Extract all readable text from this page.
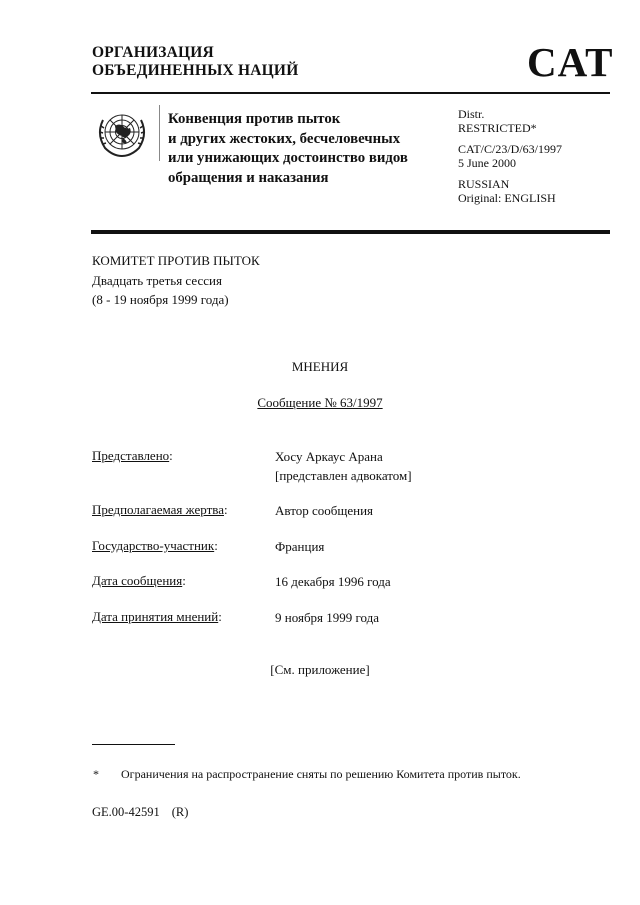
ОРГАНИЗАЦИЯ
ОБЪЕДИНЕННЫХ НАЦИЙ	CAT
Конвенция против пыток
и других жестоких, бесчеловечных
или унижающих достоинство видов
обращения и наказания
Distr.
RESTRICTED*
CAT/C/23/D/63/1997
5 June 2000
RUSSIAN
Original: ENGLISH
КОМИТЕТ ПРОТИВ ПЫТОК
Двадцать третья сессия
(8 - 19 ноября 1999 года)
МНЕНИЯ
Сообщение № 63/1997
Представлено:	Хосу Аркаус Арана
[представлен адвокатом]
Предполагаемая жертва:	Автор сообщения
Государство-участник:	Франция
Дата сообщения:	16 декабря 1996 года
Дата принятия мнений:	9 ноября 1999 года
[См. приложение]
* Ограничения на распространение сняты по решению Комитета против пыток.
GE.00-42591 (R)
